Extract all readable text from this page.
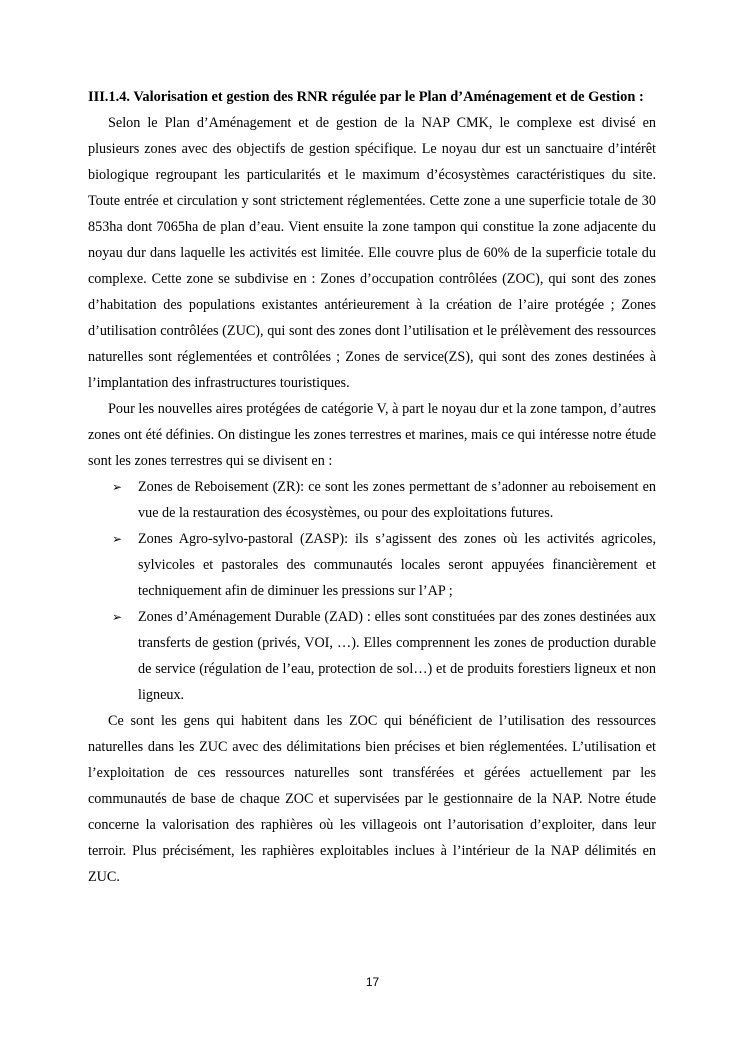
III.1.4. Valorisation et gestion des RNR régulée par le Plan d’Aménagement et de Gestion :

Selon le Plan d’Aménagement et de gestion de la NAP CMK, le complexe est divisé en plusieurs zones avec des objectifs de gestion spécifique. Le noyau dur est un sanctuaire d’intérêt biologique regroupant les particularités et le maximum d’écosystèmes caractéristiques du site. Toute entrée et circulation y sont strictement réglementées. Cette zone a une superficie totale de 30 853ha dont 7065ha de plan d’eau. Vient ensuite la zone tampon qui constitue la zone adjacente du noyau dur dans laquelle les activités est limitée. Elle couvre plus de 60% de la superficie totale du complexe. Cette zone se subdivise en : Zones d’occupation contrôlées (ZOC), qui sont des zones d’habitation des populations existantes antérieurement à la création de l’aire protégée ; Zones d’utilisation contrôlées (ZUC), qui sont des zones dont l’utilisation et le prélèvement des ressources naturelles sont réglementées et contrôlées ; Zones de service(ZS), qui sont des zones destinées à l’implantation des infrastructures touristiques.

Pour les nouvelles aires protégées de catégorie V, à part le noyau dur et la zone tampon, d’autres zones ont été définies. On distingue les zones terrestres et marines, mais ce qui intéresse notre étude sont les zones terrestres qui se divisent en :

➢ Zones de Reboisement (ZR): ce sont les zones permettant de s’adonner au reboisement en vue de la restauration des écosystèmes, ou pour des exploitations futures.
➢ Zones Agro-sylvo-pastoral (ZASP): ils s’agissent des zones où les activités agricoles, sylvicoles et pastorales des communautés locales seront appuyées financièrement et techniquement afin de diminuer les pressions sur l’AP ;
➢ Zones d’Aménagement Durable (ZAD) : elles sont constituées par des zones destinées aux transferts de gestion (privés, VOI, …). Elles comprennent les zones de production durable de service (régulation de l’eau, protection de sol…) et de produits forestiers ligneux et non ligneux.

Ce sont les gens qui habitent dans les ZOC qui bénéficient de l’utilisation des ressources naturelles dans les ZUC avec des délimitations bien précises et bien réglementées. L’utilisation et l’exploitation de ces ressources naturelles sont transférées et gérées actuellement par les communautés de base de chaque ZOC et supervisées par le gestionnaire de la NAP. Notre étude concerne la valorisation des raphières où les villageois ont l’autorisation d’exploiter, dans leur terroir. Plus précisément, les raphières exploitables inclues à l’intérieur de la NAP délimités en ZUC.

17
